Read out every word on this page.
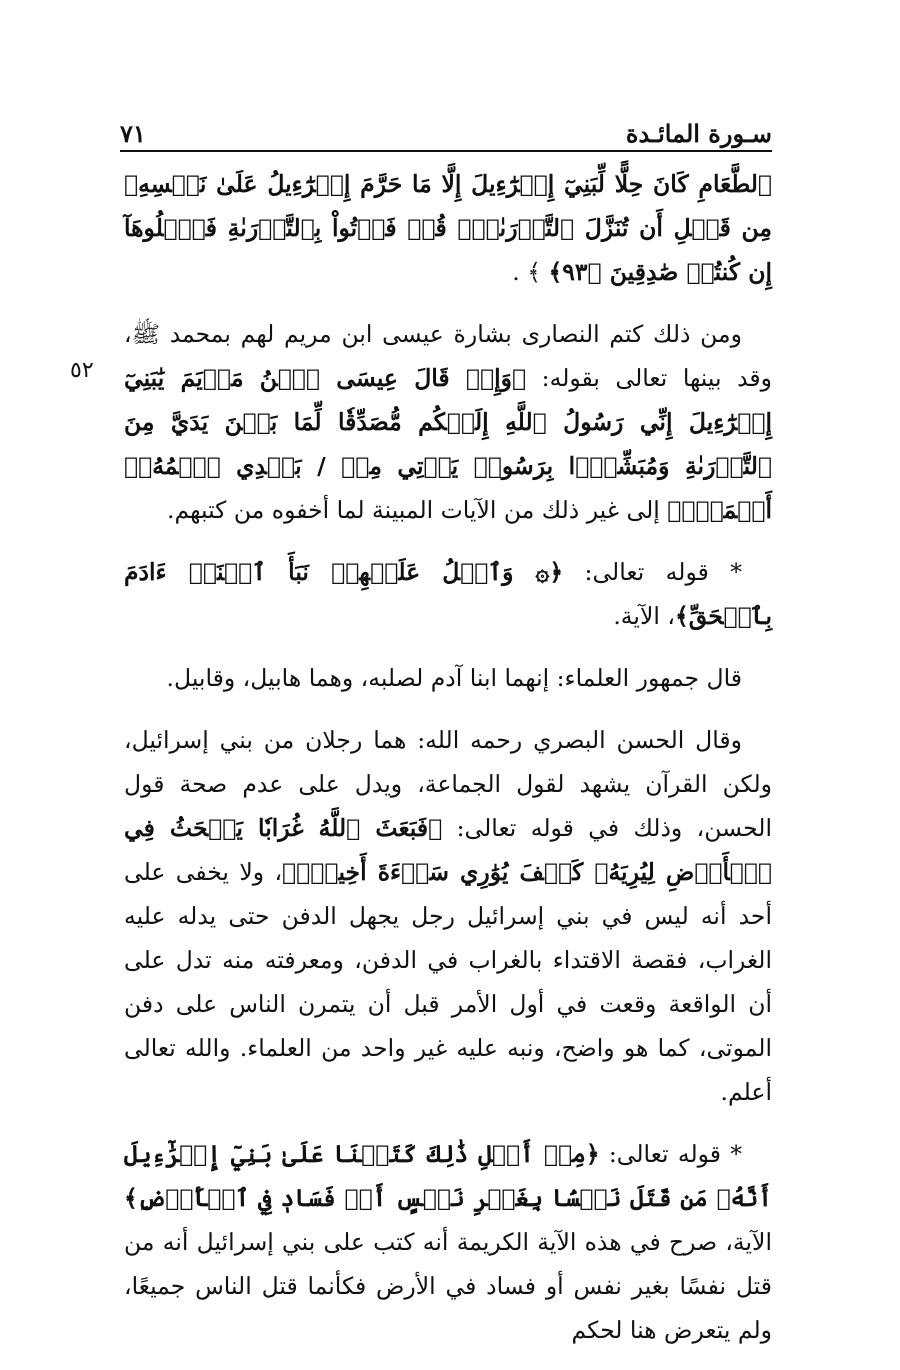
سـورة المائـدة
٧١
٥٢

ٱلطَّعَامِ كَانَ حِلًّا لِّبَنِيٓ إِسۡرَٰٓءِيلَ إِلَّا مَا حَرَّمَ إِسۡرَٰٓءِيلُ عَلَىٰ نَفۡسِهِۦ مِن قَبۡلِ أَن تُنَزَّلَ ٱلتَّوۡرَىٰةُۚ قُلۡ فَأۡتُواْ بِٱلتَّوۡرَىٰةِ فَٱتۡلُوهَآ إِن كُنتُمۡ صَٰدِقِينَ ﴿٩٣﴾ ﴾ .

ومن ذلك كتم النصارى بشارة عيسى ابن مريم لهم بمحمد ﷺ، وقد بينها تعالى بقوله: ﴿وَإِذۡ قَالَ عِيسَى ٱبۡنُ مَرۡيَمَ يَٰبَنِيٓ إِسۡرَٰٓءِيلَ إِنِّي رَسُولُ ٱللَّهِ إِلَيۡكُم مُّصَدِّقٗا لِّمَا بَيۡنَ يَدَيَّ مِنَ ٱلتَّوۡرَىٰةِ وَمُبَشِّرَۢا بِرَسُولٖ يَأۡتِي مِنۢ / بَعۡدِي ٱسۡمُهُۥٓ أَحۡمَدُۖ﴾ إلى غير ذلك من الآيات المبينة لما أخفوه من كتبهم.

* قوله تعالى: ﴿۞ وَٱتۡلُ عَلَيۡهِمۡ نَبَأَ ٱبۡنَيۡ ءَادَمَ بِٱلۡحَقِّ﴾، الآية.

قال جمهور العلماء: إنهما ابنا آدم لصلبه، وهما هابيل، وقابيل.

وقال الحسن البصري رحمه الله: هما رجلان من بني إسرائيل، ولكن القرآن يشهد لقول الجماعة، ويدل على عدم صحة قول الحسن، وذلك في قوله تعالى: ﴿فَبَعَثَ ٱللَّهُ غُرَابٗا يَبۡحَثُ فِي ٱلۡأَرۡضِ لِيُرِيَهُۥ كَيۡفَ يُوَٰرِي سَوۡءَةَ أَخِيهِۚ﴾، ولا يخفى على أحد أنه ليس في بني إسرائيل رجل يجهل الدفن حتى يدله عليه الغراب، فقصة الاقتداء بالغراب في الدفن، ومعرفته منه تدل على أن الواقعة وقعت في أول الأمر قبل أن يتمرن الناس على دفن الموتى، كما هو واضح، ونبه عليه غير واحد من العلماء. والله تعالى أعلم.

* قوله تعالى: ﴿مِنۡ أَجۡلِ ذَٰلِكَ كَتَبۡنَا عَلَىٰ بَنِيٓ إِسۡرَٰٓءِيلَ أَنَّهُۥ مَن قَتَلَ نَفۡسَۢا بِغَيۡرِ نَفۡسٍ أَوۡ فَسَادٖ فِي ٱلۡأَرۡضِ﴾ الآية، صرح في هذه الآية الكريمة أنه كتب على بني إسرائيل أنه من قتل نفسًا بغير نفس أو فساد في الأرض فكأنما قتل الناس جميعًا، ولم يتعرض هنا لحكم
